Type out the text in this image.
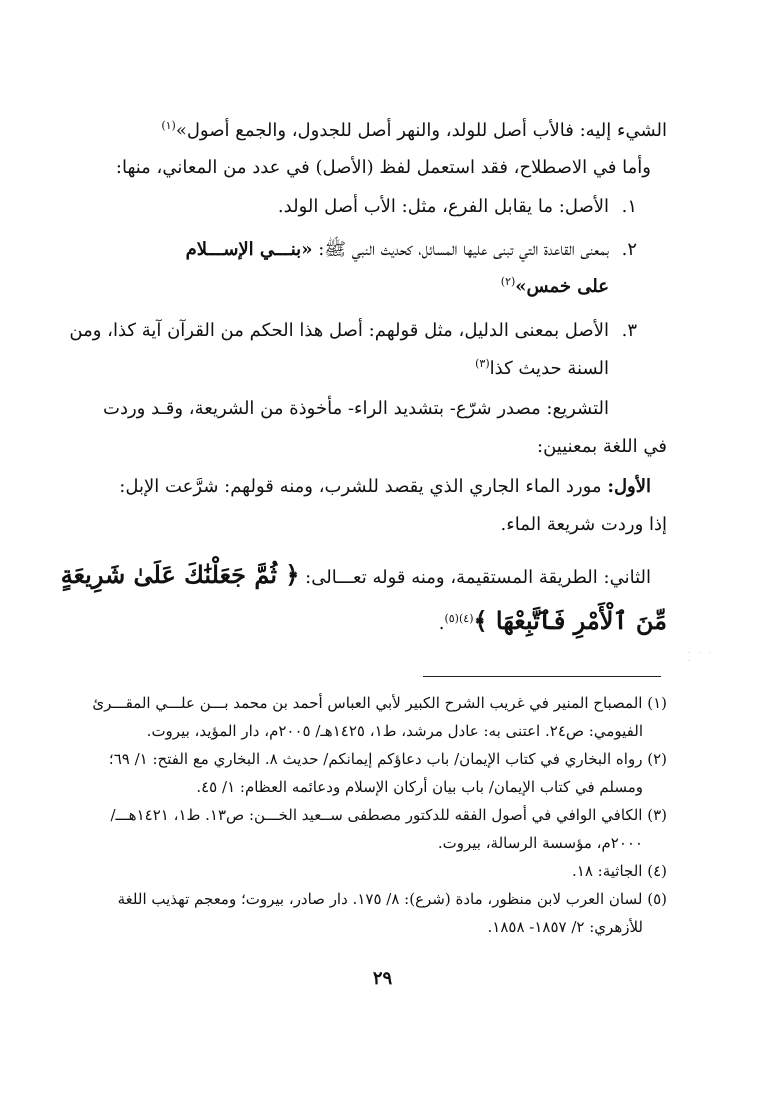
الشيء إليه: فالأب أصل للولد، والنهر أصل للجدول، والجمع أصول»$^{(١)}$
وأما في الاصطلاح، فقد استعمل لفظ (الأصل) في عدد من المعاني، منها:
١.الأصل: ما يقابل الفرع، مثل: الأب أصل الولد.
٢.بمعنى القاعدة التي تبنى عليها المسائل، كحديث النبي ﷺ: «بنـــي الإســـلام
على خمس»$^{(٢)}$
٣.الأصل بمعنى الدليل، مثل قولهم: أصل هذا الحكم من القرآن آية كذا، ومن
السنة حديث كذا$^{(٣)}$
التشريع: مصدر شرّع- بتشديد الراء- مأخوذة من الشريعة، وقـد وردت
في اللغة بمعنيين:
الأول: مورد الماء الجاري الذي يقصد للشرب، ومنه قولهم: شرَّعت الإبل:
إذا وردت شريعة الماء.
الثاني: الطريقة المستقيمة، ومنه قوله تعـــالى: ﴿ ثُمَّ جَعَلْنَٰكَ عَلَىٰ شَرِيعَةٍ
مِّنَ ٱلْأَمْرِ فَٱتَّبِعْهَا ﴾$^{(٤)(٥)}$.
· · · ·
(١) المصباح المنير في غريب الشرح الكبير لأبي العباس أحمد بن محمد بـــن علـــي المقـــرئ
الفيومي: ص٢٤. اعتنى به: عادل مرشد، ط١، ١٤٢٥هـ/ ٢٠٠٥م، دار المؤيد، بيروت.
(٢) رواه البخاري في كتاب الإيمان/ باب دعاؤكم إيمانكم/ حديث ٨. البخاري مع الفتح: ١/ ٦٩؛
ومسلم في كتاب الإيمان/ باب بيان أركان الإسلام ودعائمه العظام: ١/ ٤٥.
(٣) الكافي الوافي في أصول الفقه للدكتور مصطفى ســعيد الخـــن: ص١٣. ط١، ١٤٢١هـــ/
٢٠٠٠م، مؤسسة الرسالة، بيروت.
(٤) الجاثية: ١٨.
(٥) لسان العرب لابن منظور، مادة (شرع): ٨/ ١٧٥. دار صادر، بيروت؛ ومعجم تهذيب اللغة
للأزهري: ٢/ ١٨٥٧- ١٨٥٨.
٢٩
